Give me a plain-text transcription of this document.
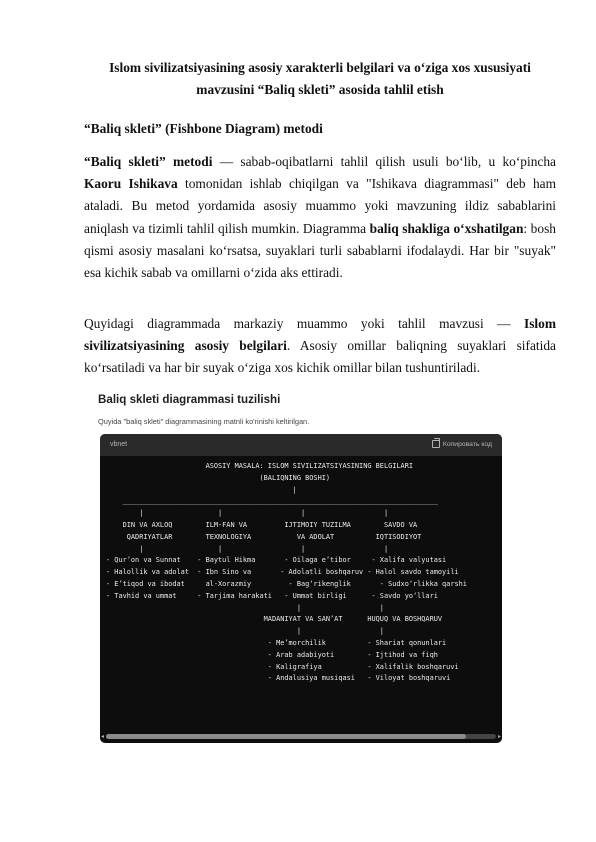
Islom sivilizatsiyasining asosiy xarakterli belgilari va o‘ziga xos xususiyati
mavzusini “Baliq skleti” asosida tahlil etish
“Baliq skleti” (Fishbone Diagram) metodi

“Baliq skleti” metodi — sabab-oqibatlarni tahlil qilish usuli bo‘lib, u ko‘pincha Kaoru Ishikava tomonidan ishlab chiqilgan va "Ishikava diagrammasi" deb ham ataladi. Bu metod yordamida asosiy muammo yoki mavzuning ildiz sabablarini aniqlash va tizimli tahlil qilish mumkin. Diagramma baliq shakliga o‘xshatilgan: bosh qismi asosiy masalani ko‘rsatsa, suyaklari turli sabablarni ifodalaydi. Har bir "suyak" esa kichik sabab va omillarni o‘zida aks ettiradi.

Quyidagi diagrammada markaziy muammo yoki tahlil mavzusi — Islom sivilizatsiyasining asosiy belgilari. Asosiy omillar baliqning suyaklari sifatida ko‘rsatiladi va har bir suyak o‘ziga xos kichik omillar bilan tushuntiriladi.

Baliq skleti diagrammasi tuzilishi
Quyida "baliq skleti" diagrammasining matnli ko'rinishi keltirilgan.
vbnet	Копировать код
ASOSIY MASALA: ISLOM SIVILIZATSIYASINING BELGILARI
(BALIQNING BOSHI)
|
____________________________________________________________________________
|                  |                   |                   |
DIN VA AXLOQ        ILM-FAN VA         IJTIMOIY TUZILMA        SAVDO VA
QADRIYATLAR        TEXNOLOGIYA           VA ADOLAT          IQTISODIYOT
|                  |                   |                   |
- Qur’on va Sunnat    - Baytul Hikma       - Oilaga e’tibor     - Xalifa valyutasi
- Halollik va adolat  - Ibn Sino va       - Adolatli boshqaruv - Halol savdo tamoyili
- E’tiqod va ibodat     al-Xorazmiy         - Bag‘rikenglik       - Sudxo‘rlikka qarshi
- Tavhid va ummat     - Tarjima harakati   - Ummat birligi      - Savdo yo‘llari
|                   |
MADANIYAT VA SAN’AT      HUQUQ VA BOSHQARUV
|                   |
- Me’morchilik          - Shariat qonunlari
- Arab adabiyoti        - Ijtihod va fiqh
- Kaligrafiya           - Xalifalik boshqaruvi
- Andalusiya musiqasi   - Viloyat boshqaruvi
◂	▸
